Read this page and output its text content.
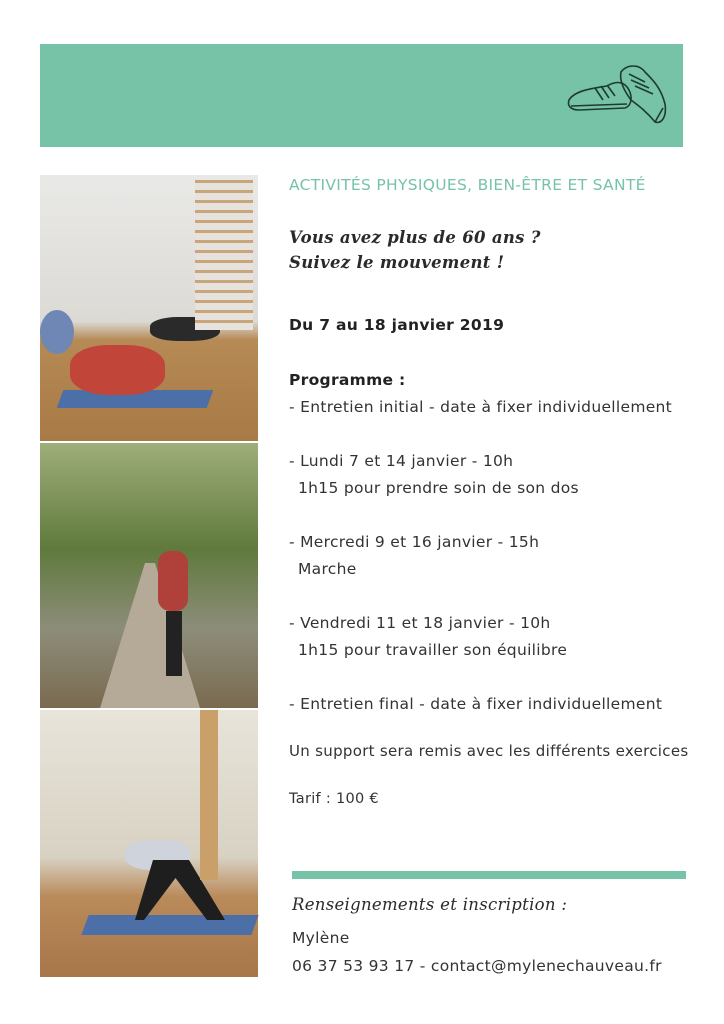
ACTIVITÉS PHYSIQUES, BIEN-ÊTRE ET SANTÉ
Vous avez plus de 60 ans ?
Suivez le mouvement !
Du 7 au 18 janvier 2019
Programme :
- Entretien initial - date à fixer individuellement
- Lundi 7 et 14 janvier - 10h
1h15 pour prendre soin de son dos
- Mercredi 9 et 16 janvier - 15h
Marche
- Vendredi 11 et 18 janvier - 10h
1h15 pour travailler son équilibre
- Entretien final - date à fixer individuellement
Un support sera remis avec les différents exercices
Tarif : 100 €
Renseignements et inscription :
Mylène
06 37 53 93 17 - contact@mylenechauveau.fr
